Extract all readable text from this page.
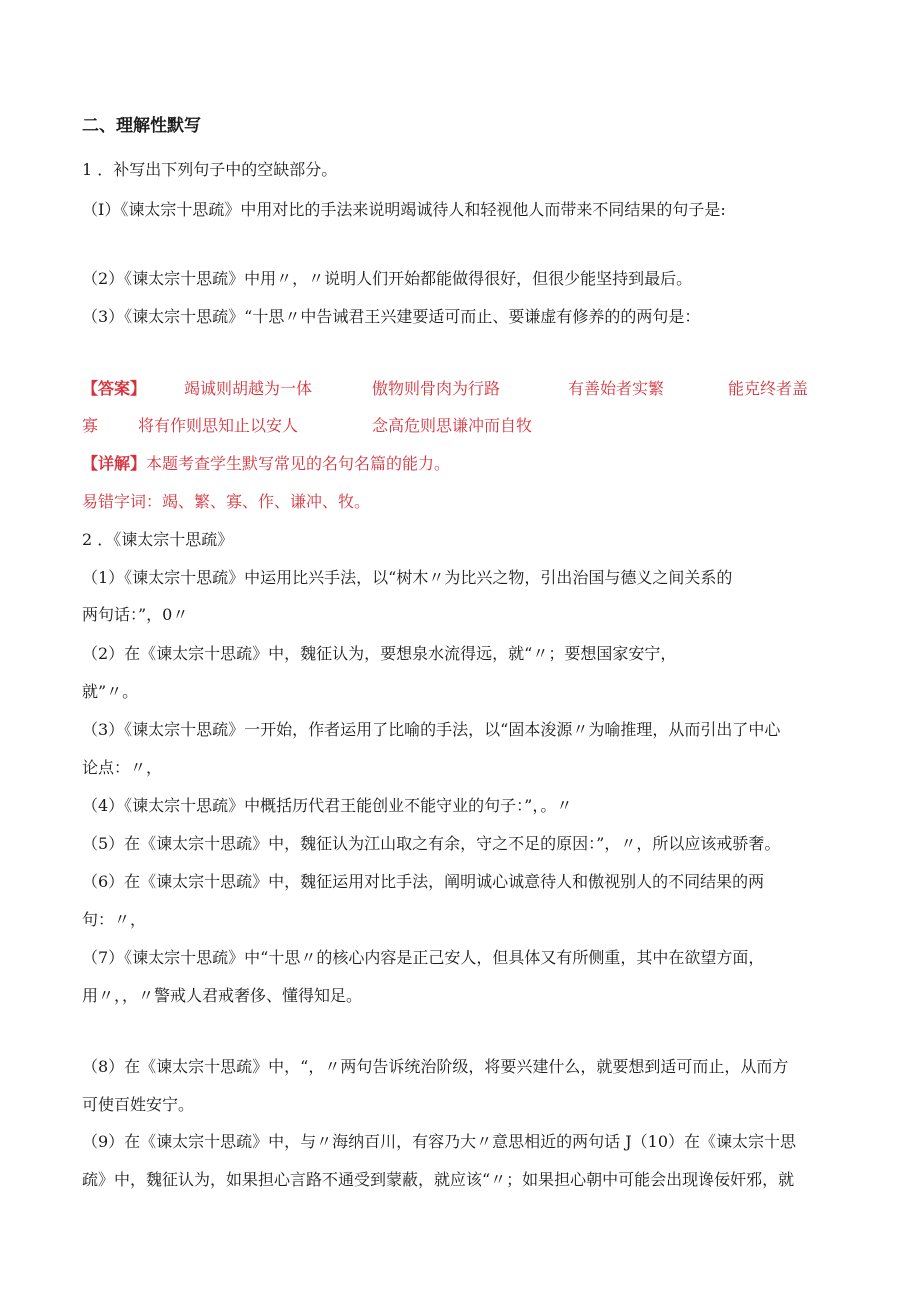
二、理解性默写

1 ．补写出下列句子中的空缺部分。

（I）《谏太宗十思疏》中用对比的手法来说明竭诚待人和轻视他人而带来不同结果的句子是:

（2）《谏太宗十思疏》中用〃，〃说明人们开始都能做得很好，但很少能坚持到最后。

（3）《谏太宗十思疏》“十思〃中告诫君王兴建要适可而止、要谦虚有修养的的两句是：

【答案】 竭诚则胡越为一体	傲物则骨肉为行路	有善始者实繁	能克终者盖
寡 将有作则思知止以安人	念高危则思谦冲而自牧

【详解】本题考查学生默写常见的名句名篇的能力。

易错字词：竭、繁、寡、作、谦冲、牧。

2 ．《谏太宗十思疏》

（1）《谏太宗十思疏》中运用比兴手法，以“树木〃为比兴之物，引出治国与德义之间关系的

两句话：”，0〃

（2）在《谏太宗十思疏》中，魏征认为，要想泉水流得远，就“〃；要想国家安宁，

就”〃。

（3）《谏太宗十思疏》一开始，作者运用了比喻的手法，以“固本浚源〃为喻推理，从而引出了中心

论点：〃，

（4）《谏太宗十思疏》中概括历代君王能创业不能守业的句子：”，。〃

（5）在《谏太宗十思疏》中，魏征认为江山取之有余，守之不足的原因：”，〃，所以应该戒骄奢。

（6）在《谏太宗十思疏》中，魏征运用对比手法，阐明诚心诚意待人和傲视别人的不同结果的两

句：〃，

（7）《谏太宗十思疏》中“十思〃的核心内容是正己安人，但具体又有所侧重，其中在欲望方面，

用〃，，〃警戒人君戒奢侈、懂得知足。

（8）在《谏太宗十思疏》中，“，〃两句告诉统治阶级，将要兴建什么，就要想到适可而止，从而方

可使百姓安宁。

（9）在《谏太宗十思疏》中，与〃海纳百川，有容乃大〃意思相近的两句话 J（10）在《谏太宗十思

疏》中，魏征认为，如果担心言路不通受到蒙蔽，就应该“〃；如果担心朝中可能会出现谗佞奸邪，就
